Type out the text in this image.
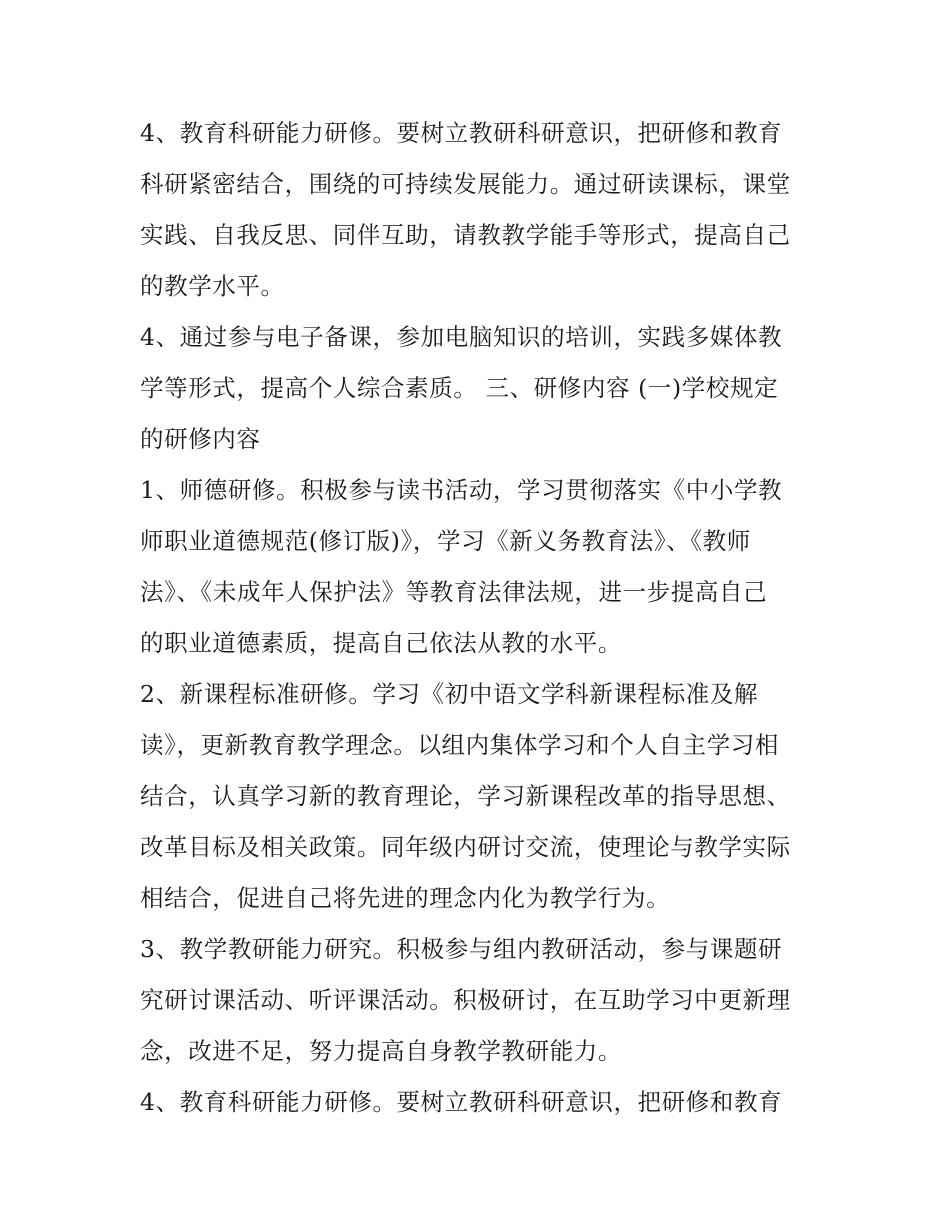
4、教育科研能力研修。要树立教研科研意识，把研修和教育
科研紧密结合，围绕的可持续发展能力。通过研读课标，课堂
实践、自我反思、同伴互助，请教教学能手等形式，提高自己
的教学水平。
4、通过参与电子备课，参加电脑知识的培训，实践多媒体教
学等形式，提高个人综合素质。 三、研修内容 (一)学校规定
的研修内容
1、师德研修。积极参与读书活动，学习贯彻落实《中小学教
师职业道德规范(修订版)》，学习《新义务教育法》、《教师
法》、《未成年人保护法》等教育法律法规，进一步提高自己
的职业道德素质，提高自己依法从教的水平。
2、新课程标准研修。学习《初中语文学科新课程标准及解
读》，更新教育教学理念。以组内集体学习和个人自主学习相
结合，认真学习新的教育理论，学习新课程改革的指导思想、
改革目标及相关政策。同年级内研讨交流，使理论与教学实际
相结合，促进自己将先进的理念内化为教学行为。
3、教学教研能力研究。积极参与组内教研活动，参与课题研
究研讨课活动、听评课活动。积极研讨，在互助学习中更新理
念，改进不足，努力提高自身教学教研能力。
4、教育科研能力研修。要树立教研科研意识，把研修和教育
